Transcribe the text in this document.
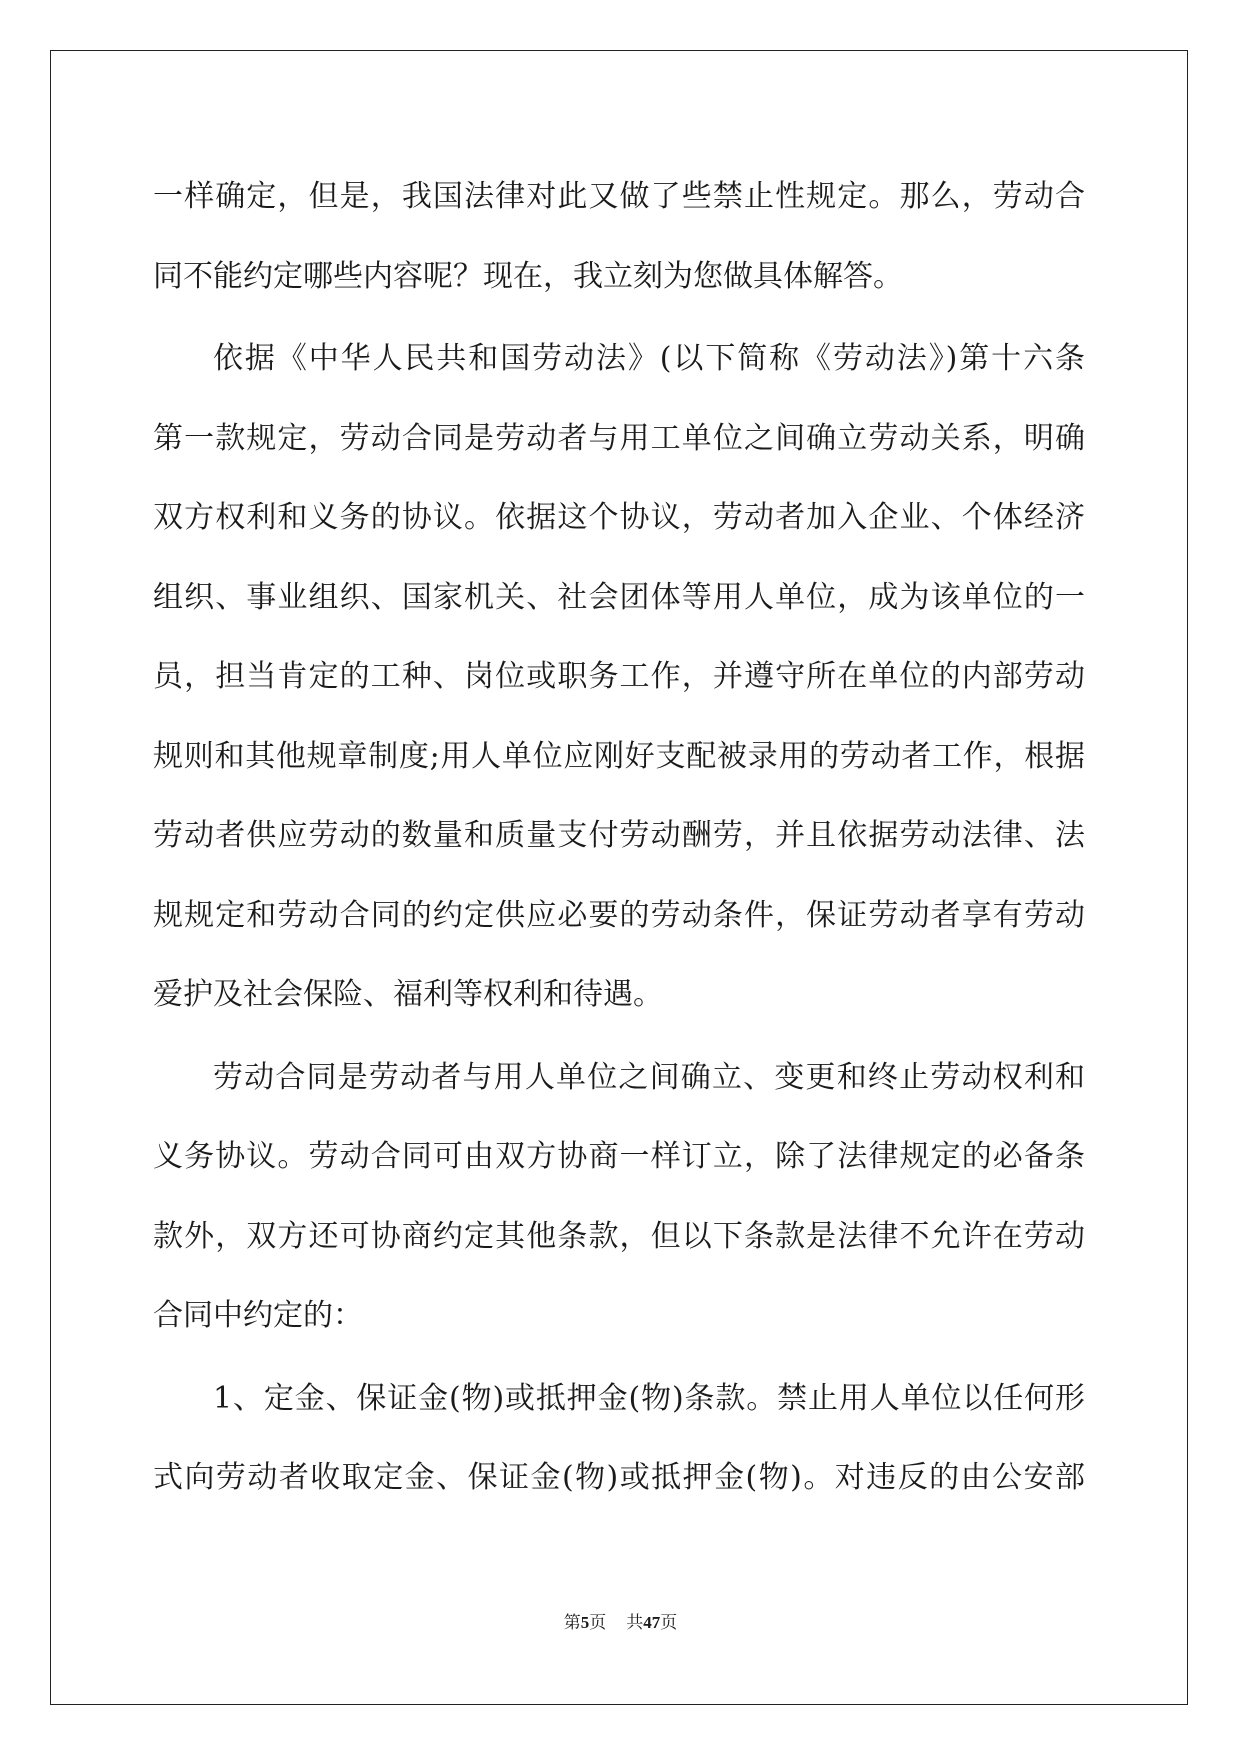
一样确定，但是，我国法律对此又做了些禁止性规定。那么，劳动合
同不能约定哪些内容呢？现在，我立刻为您做具体解答。
依据《中华人民共和国劳动法》(以下简称《劳动法》)第十六条
第一款规定，劳动合同是劳动者与用工单位之间确立劳动关系，明确
双方权利和义务的协议。依据这个协议，劳动者加入企业、个体经济
组织、事业组织、国家机关、社会团体等用人单位，成为该单位的一
员，担当肯定的工种、岗位或职务工作，并遵守所在单位的内部劳动
规则和其他规章制度;用人单位应刚好支配被录用的劳动者工作，根据
劳动者供应劳动的数量和质量支付劳动酬劳，并且依据劳动法律、法
规规定和劳动合同的约定供应必要的劳动条件，保证劳动者享有劳动
爱护及社会保险、福利等权利和待遇。
劳动合同是劳动者与用人单位之间确立、变更和终止劳动权利和
义务协议。劳动合同可由双方协商一样订立，除了法律规定的必备条
款外，双方还可协商约定其他条款，但以下条款是法律不允许在劳动
合同中约定的：
1、定金、保证金(物)或抵押金(物)条款。禁止用人单位以任何形
式向劳动者收取定金、保证金(物)或抵押金(物)。对违反的由公安部
第5页 共47页
